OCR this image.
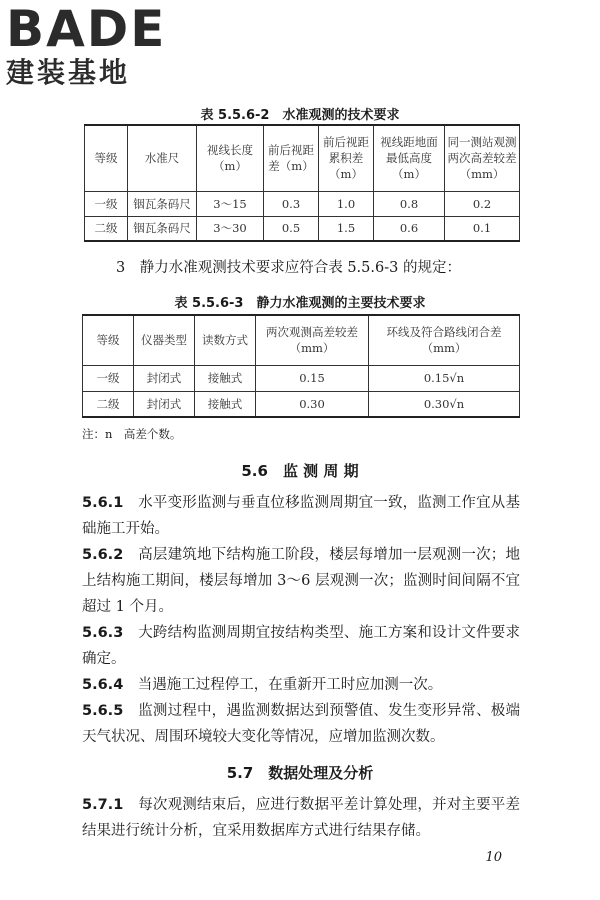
BADE
建装基地
表 5.5.6-2　水准观测的技术要求
等级	水准尺	视线长度（m）	前后视距差（m）	前后视距累积差（m）	视线距地面最低高度（m）	同一测站观测两次高差较差（mm）
一级	铟瓦条码尺	3～15	0.3	1.0	0.8	0.2
二级	铟瓦条码尺	3～30	0.5	1.5	0.6	0.1
3　静力水准观测技术要求应符合表 5.5.6-3 的规定：
表 5.5.6-3　静力水准观测的主要技术要求
等级	仪器类型	读数方式	两次观测高差较差（mm）	环线及符合路线闭合差（mm）
一级	封闭式	接触式	0.15	0.15√n
二级	封闭式	接触式	0.30	0.30√n
注：n　高差个数。
5.6　监 测 周 期
5.6.1　 水平变形监测与垂直位移监测周期宜一致，监测工作宜从基础施工开始。
5.6.2　 高层建筑地下结构施工阶段，楼层每增加一层观测一次；地上结构施工期间，楼层每增加 3～6 层观测一次；监测时间间隔不宜超过 1 个月。
5.6.3　 大跨结构监测周期宜按结构类型、施工方案和设计文件要求确定。
5.6.4　 当遇施工过程停工，在重新开工时应加测一次。
5.6.5　 监测过程中，遇监测数据达到预警值、发生变形异常、极端天气状况、周围环境较大变化等情况，应增加监测次数。
5.7　数据处理及分析
5.7.1　 每次观测结束后，应进行数据平差计算处理，并对主要平差结果进行统计分析，宜采用数据库方式进行结果存储。
10
